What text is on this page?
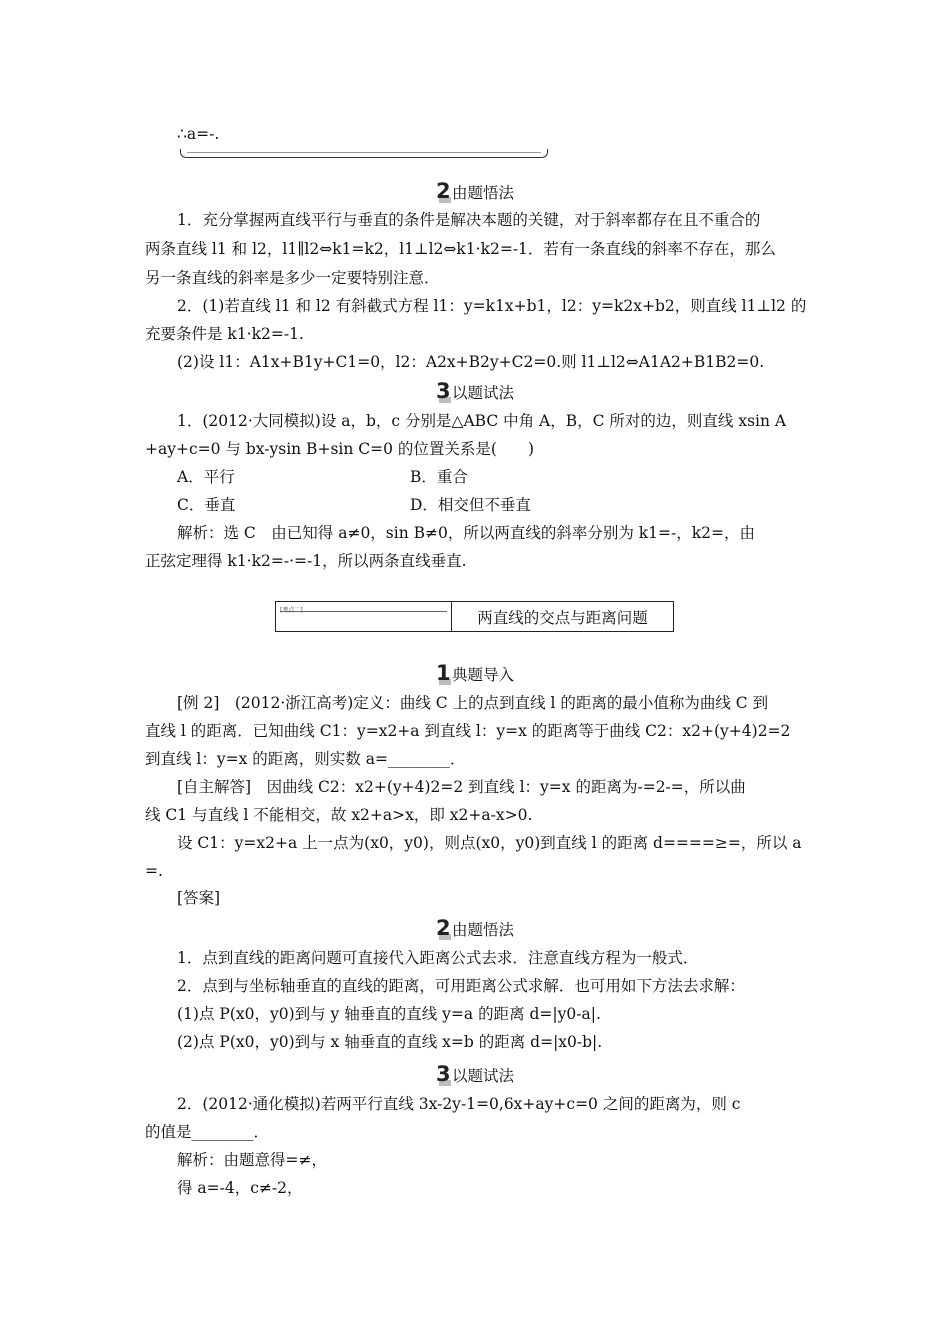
∴a=-.
2
由题悟法
1．充分掌握两直线平行与垂直的条件是解决本题的关键，对于斜率都存在且不重合的
两条直线 l1 和 l2，l1∥l2⇔k1=k2，l1⊥l2⇔k1·k2=-1．若有一条直线的斜率不存在，那么
另一条直线的斜率是多少一定要特别注意．
2．(1)若直线 l1 和 l2 有斜截式方程 l1：y=k1x+b1，l2：y=k2x+b2，则直线 l1⊥l2 的
充要条件是 k1·k2=-1.
(2)设 l1：A1x+B1y+C1=0，l2：A2x+B2y+C2=0.则 l1⊥l2⇔A1A2+B1B2=0.
3
以题试法
1．(2012·大同模拟)设 a，b，c 分别是△ABC 中角 A，B，C 所对的边，则直线 xsin A
+ay+c=0 与 bx-ysin B+sin C=0 的位置关系是(　　)
A．平行	B．重合
C．垂直	D．相交但不垂直
解析：选 C　由已知得 a≠0，sin B≠0，所以两直线的斜率分别为 k1=-，k2=，由
正弦定理得 k1·k2=-·=-1，所以两条直线垂直.
[考点二]	两直线的交点与距离问题
1
典题导入
[例 2]　(2012·浙江高考)定义：曲线 C 上的点到直线 l 的距离的最小值称为曲线 C 到
直线 l 的距离．已知曲线 C1：y=x2+a 到直线 l：y=x 的距离等于曲线 C2：x2+(y+4)2=2
到直线 l：y=x 的距离，则实数 a=________．
[自主解答]　因曲线 C2：x2+(y+4)2=2 到直线 l：y=x 的距离为-=2-=，所以曲
线 C1 与直线 l 不能相交，故 x2+a>x，即 x2+a-x>0.
设 C1：y=x2+a 上一点为(x0，y0)，则点(x0，y0)到直线 l 的距离 d====≥=，所以 a
=.
[答案]
2
由题悟法
1．点到直线的距离问题可直接代入距离公式去求．注意直线方程为一般式．
2．点到与坐标轴垂直的直线的距离，可用距离公式求解．也可用如下方法去求解：
(1)点 P(x0，y0)到与 y 轴垂直的直线 y=a 的距离 d=|y0-a|.
(2)点 P(x0，y0)到与 x 轴垂直的直线 x=b 的距离 d=|x0-b|.
3
以题试法
2．(2012·通化模拟)若两平行直线 3x-2y-1=0,6x+ay+c=0 之间的距离为，则 c
的值是________．
解析：由题意得=≠，
得 a=-4，c≠-2，
